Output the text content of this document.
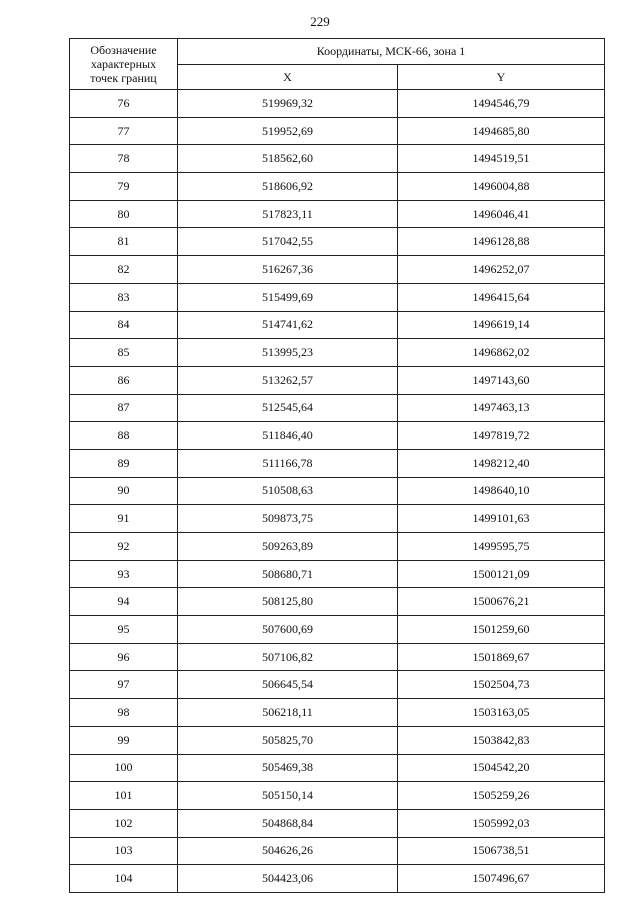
229
Обозначение
характерных
точек границ	Координаты, МСК-66, зона 1	
	X	Y
76	519969,32	1494546,79
77	519952,69	1494685,80
78	518562,60	1494519,51
79	518606,92	1496004,88
80	517823,11	1496046,41
81	517042,55	1496128,88
82	516267,36	1496252,07
83	515499,69	1496415,64
84	514741,62	1496619,14
85	513995,23	1496862,02
86	513262,57	1497143,60
87	512545,64	1497463,13
88	511846,40	1497819,72
89	511166,78	1498212,40
90	510508,63	1498640,10
91	509873,75	1499101,63
92	509263,89	1499595,75
93	508680,71	1500121,09
94	508125,80	1500676,21
95	507600,69	1501259,60
96	507106,82	1501869,67
97	506645,54	1502504,73
98	506218,11	1503163,05
99	505825,70	1503842,83
100	505469,38	1504542,20
101	505150,14	1505259,26
102	504868,84	1505992,03
103	504626,26	1506738,51
104	504423,06	1507496,67
